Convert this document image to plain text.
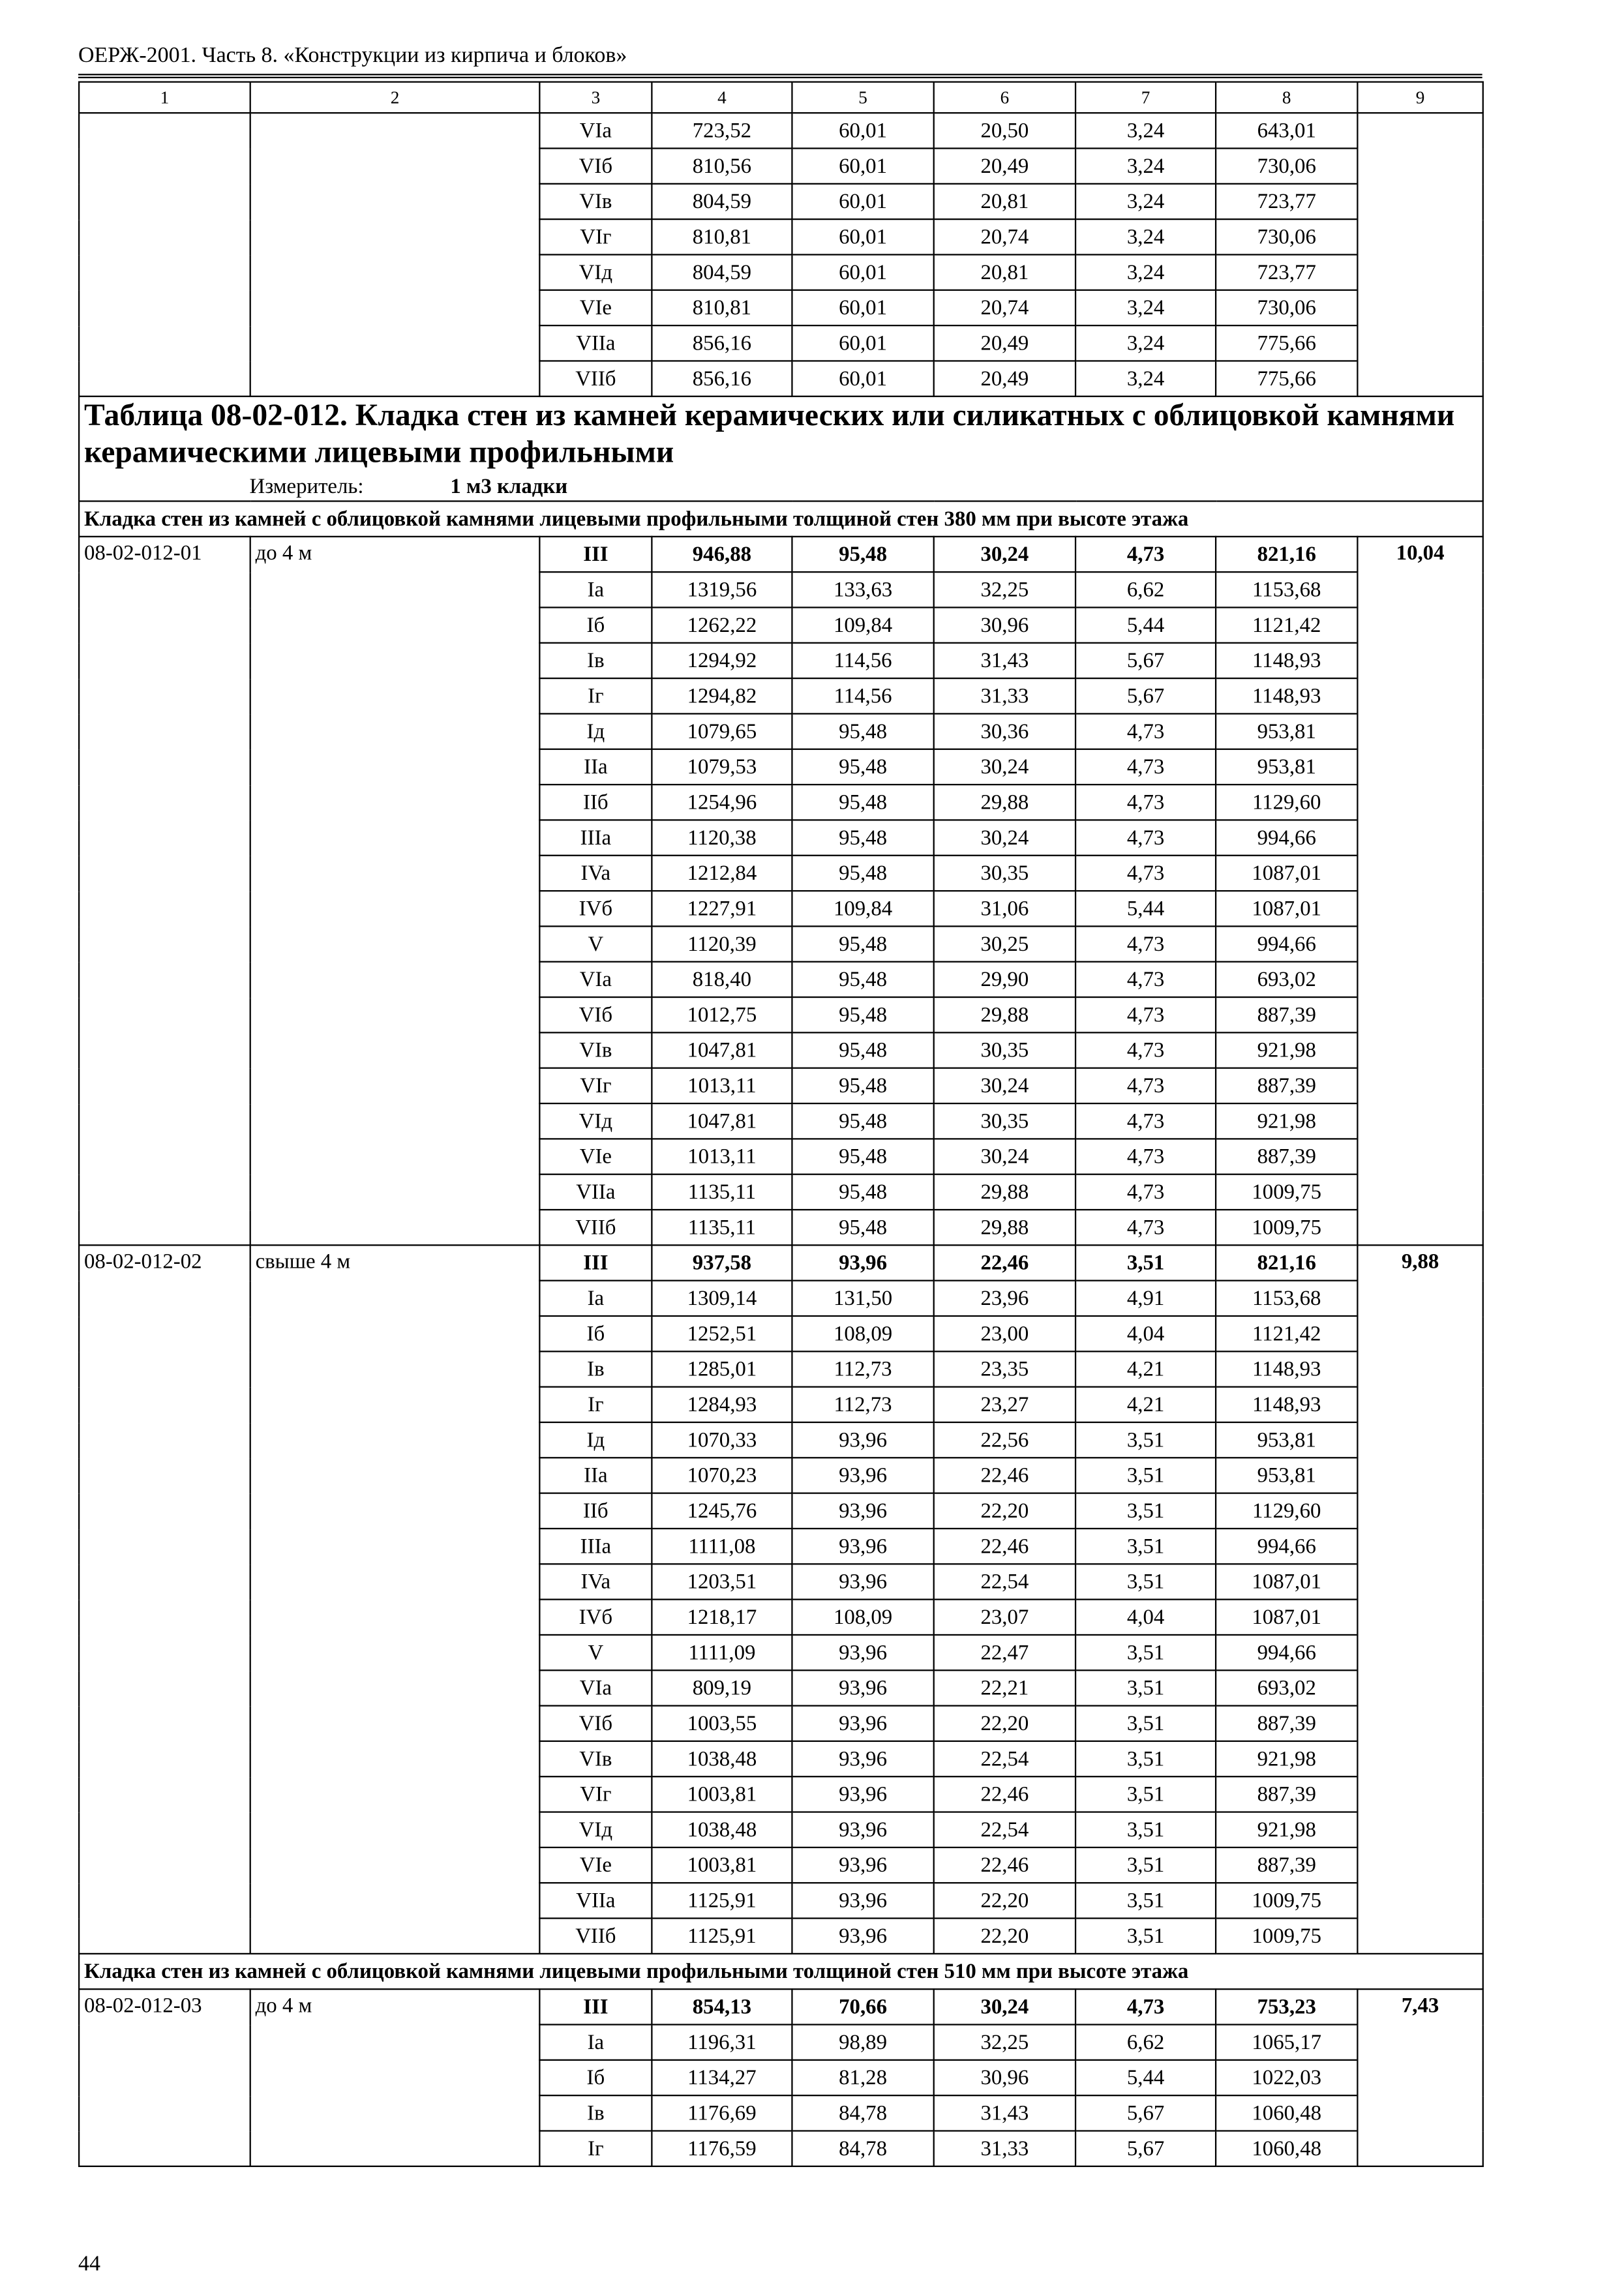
ОЕРЖ-2001. Часть 8. «Конструкции из кирпича и блоков»
1	2	3	4	5	6	7	8	9
		VIa	723,52	60,01	20,50	3,24	643,01	
		VIб	810,56	60,01	20,49	3,24	730,06	
		VIв	804,59	60,01	20,81	3,24	723,77	
		VIг	810,81	60,01	20,74	3,24	730,06	
		VIд	804,59	60,01	20,81	3,24	723,77	
		VIе	810,81	60,01	20,74	3,24	730,06	
		VIIa	856,16	60,01	20,49	3,24	775,66	
		VIIб	856,16	60,01	20,49	3,24	775,66	

Таблица 08-02-012. Кладка стен из камней керамических или силикатных с облицовкой камнями керамическими лицевыми профильными
Измеритель: 1 м3 кладки								

Кладка стен из камней с облицовкой камнями лицевыми профильными толщиной стен 380 мм при высоте этажа								
08-02-012-01	до 4 м	III	946,88	95,48	30,24	4,73	821,16	10,04
		Ia	1319,56	133,63	32,25	6,62	1153,68	
		Iб	1262,22	109,84	30,96	5,44	1121,42	
		Iв	1294,92	114,56	31,43	5,67	1148,93	
		Iг	1294,82	114,56	31,33	5,67	1148,93	
		Iд	1079,65	95,48	30,36	4,73	953,81	
		IIa	1079,53	95,48	30,24	4,73	953,81	
		IIб	1254,96	95,48	29,88	4,73	1129,60	
		IIIa	1120,38	95,48	30,24	4,73	994,66	
		IVa	1212,84	95,48	30,35	4,73	1087,01	
		IVб	1227,91	109,84	31,06	5,44	1087,01	
		V	1120,39	95,48	30,25	4,73	994,66	
		VIa	818,40	95,48	29,90	4,73	693,02	
		VIб	1012,75	95,48	29,88	4,73	887,39	
		VIв	1047,81	95,48	30,35	4,73	921,98	
		VIг	1013,11	95,48	30,24	4,73	887,39	
		VIд	1047,81	95,48	30,35	4,73	921,98	
		VIе	1013,11	95,48	30,24	4,73	887,39	
		VIIa	1135,11	95,48	29,88	4,73	1009,75	
		VIIб	1135,11	95,48	29,88	4,73	1009,75	
08-02-012-02	свыше 4 м	III	937,58	93,96	22,46	3,51	821,16	9,88
		Ia	1309,14	131,50	23,96	4,91	1153,68	
		Iб	1252,51	108,09	23,00	4,04	1121,42	
		Iв	1285,01	112,73	23,35	4,21	1148,93	
		Iг	1284,93	112,73	23,27	4,21	1148,93	
		Iд	1070,33	93,96	22,56	3,51	953,81	
		IIa	1070,23	93,96	22,46	3,51	953,81	
		IIб	1245,76	93,96	22,20	3,51	1129,60	
		IIIa	1111,08	93,96	22,46	3,51	994,66	
		IVa	1203,51	93,96	22,54	3,51	1087,01	
		IVб	1218,17	108,09	23,07	4,04	1087,01	
		V	1111,09	93,96	22,47	3,51	994,66	
		VIa	809,19	93,96	22,21	3,51	693,02	
		VIб	1003,55	93,96	22,20	3,51	887,39	
		VIв	1038,48	93,96	22,54	3,51	921,98	
		VIг	1003,81	93,96	22,46	3,51	887,39	
		VIд	1038,48	93,96	22,54	3,51	921,98	
		VIе	1003,81	93,96	22,46	3,51	887,39	
		VIIa	1125,91	93,96	22,20	3,51	1009,75	
		VIIб	1125,91	93,96	22,20	3,51	1009,75	
Кладка стен из камней с облицовкой камнями лицевыми профильными толщиной стен 510 мм при высоте этажа								
08-02-012-03	до 4 м	III	854,13	70,66	30,24	4,73	753,23	7,43
		Ia	1196,31	98,89	32,25	6,62	1065,17	
		Iб	1134,27	81,28	30,96	5,44	1022,03	
		Iв	1176,69	84,78	31,43	5,67	1060,48	
		Iг	1176,59	84,78	31,33	5,67	1060,48	
44
